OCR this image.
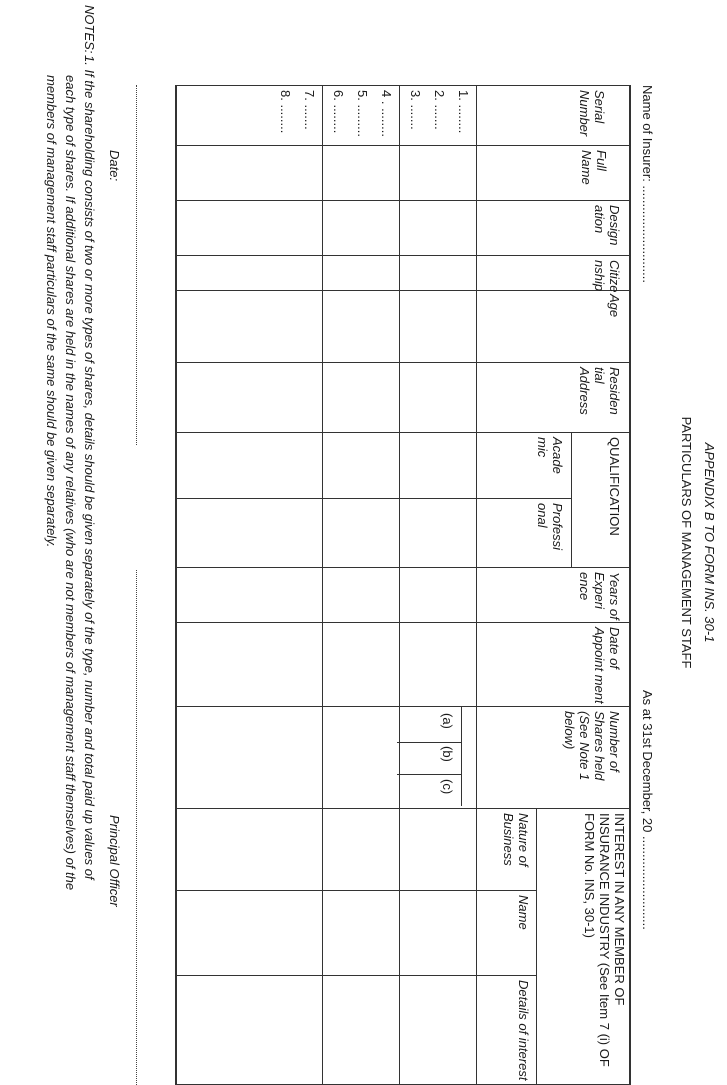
APPENDIX B TO FORM INS. 30-1
PARTICULARS OF MANAGEMENT STAFF
Name of Insurer: ...........................
As at 31st December, 20 ..........................
Serial Number
Full Name
Design ation
Citize nship
Age
Residen tial Address
QUALIFICATION
Acade mic
Professi onal
Years of Experi ence
Date of Appoint ment
Number of Shares held (See Note 1 below)
(a)
(b)
(c)
INTEREST IN ANY MEMBER OF INSURANCE INDUSTRY (See Item 7 (i) OF FORM No. INS, 30-1)
Nature of Business
Name
Details of interest
1. ........
2. .......
3. .......
4 . ........
5. .........
6. ........
7. .......
8. ........
Date:
Principal Officer
NOTES:
1. If the shareholding consists of two or more types of shares, details should be given separately of the type, number and total paid up values of
each type of shares. If additional shares are held in the names of any relatives (who are not members of management staff themselves) of the
members of management staff particulars of the same should be given separately.
